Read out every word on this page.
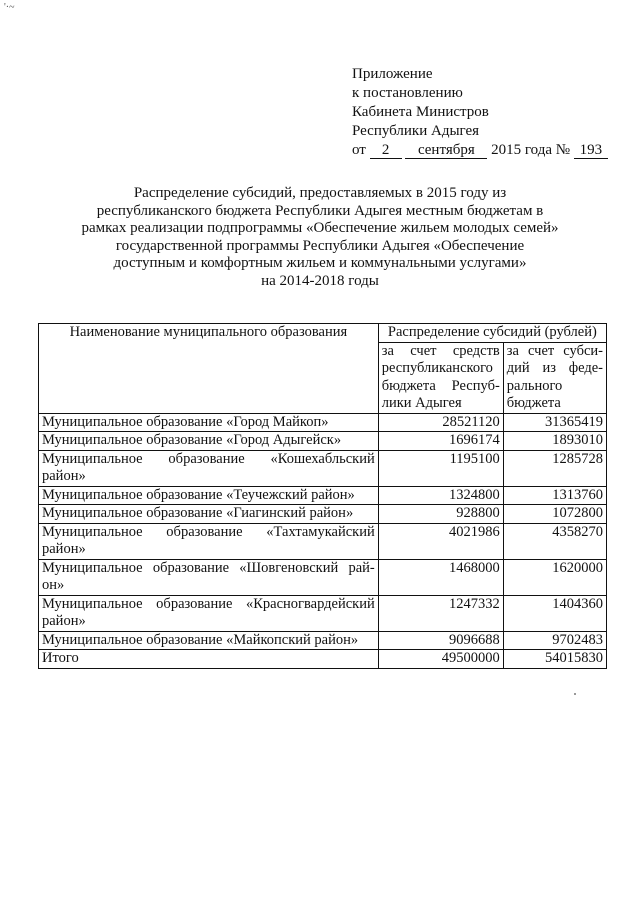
'·~
Приложение
к постановлению
Кабинета Министров
Республики Адыгея
от 2 сентября 2015 года № 193
Распределение субсидий, предоставляемых в 2015 году из
республиканского бюджета Республики Адыгея местным бюджетам в
рамках реализации подпрограммы «Обеспечение жильем молодых семей»
государственной программы Республики Адыгея «Обеспечение
доступным и комфортным жильем и коммунальными услугами»
на 2014-2018 годы
Наименование муниципального образования	Распределение субсидий (рублей)	
	за счет средств республиканского бюджета Респуб-лики Адыгея	за счет субси-дий из феде-рального бюджета
Муниципальное образование «Город Майкоп»	28521120	31365419
Муниципальное образование «Город Адыгейск»	1696174	1893010
Муниципальное образование «Кошехабльский район»	1195100	1285728
Муниципальное образование «Теучежский район»	1324800	1313760
Муниципальное образование «Гиагинский район»	928800	1072800
Муниципальное образование «Тахтамукайский район»	4021986	4358270
Муниципальное образование «Шовгеновский рай-он»	1468000	1620000
Муниципальное образование «Красногвардейский район»	1247332	1404360
Муниципальное образование «Майкопский район»	9096688	9702483
Итого	49500000	54015830
